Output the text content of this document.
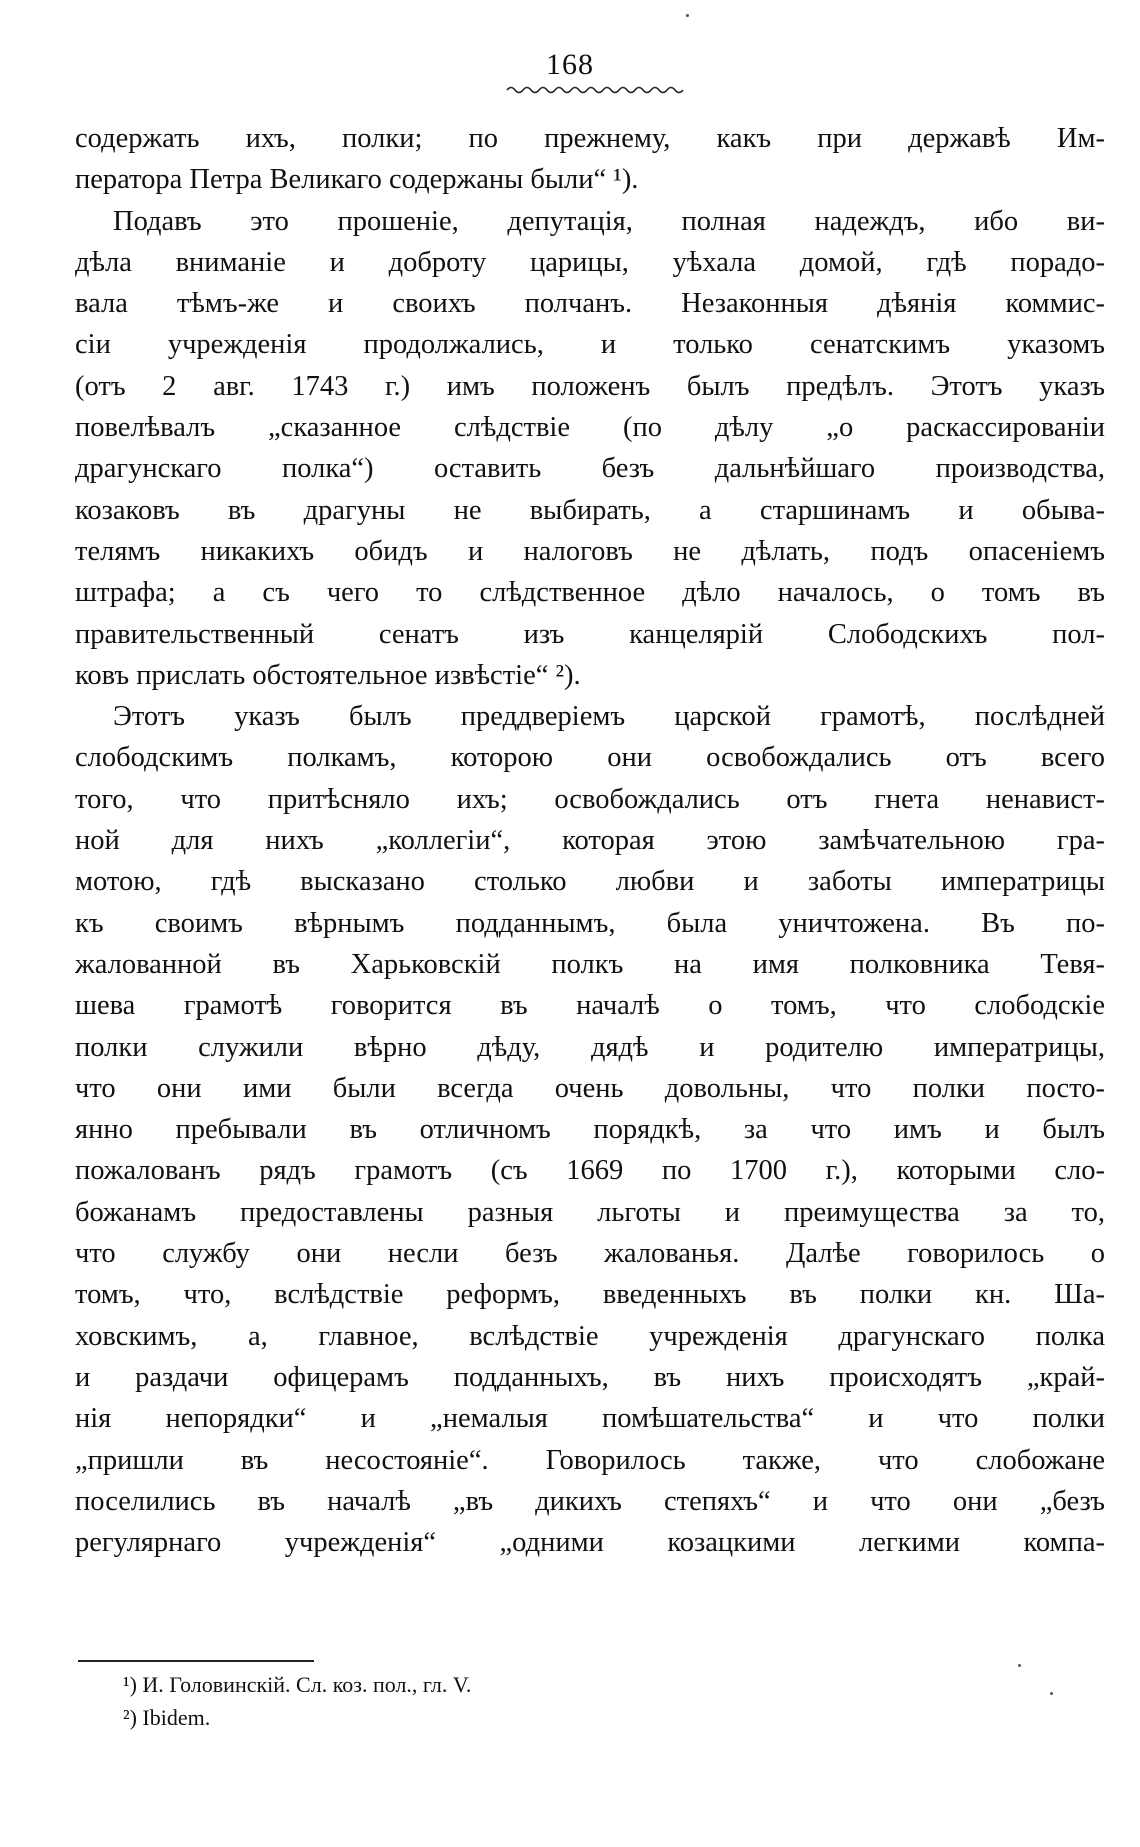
168
содержать ихъ, полки; по прежнему, какъ при державѣ Им-
ператора Петра Великаго содержаны были“ ¹).
Подавъ это прошеніе, депутація, полная надеждъ, ибо ви-
дѣла вниманіе и доброту царицы, уѣхала домой, гдѣ порадо-
вала тѣмъ-же и своихъ полчанъ. Незаконныя дѣянія коммис-
сіи учрежденія продолжались, и только сенатскимъ указомъ
(отъ 2 авг. 1743 г.) имъ положенъ былъ предѣлъ. Этотъ указъ
повелѣвалъ „сказанное слѣдствіе (по дѣлу „о раскассированіи
драгунскаго полка“) оставить безъ дальнѣйшаго производства,
козаковъ въ драгуны не выбирать, а старшинамъ и обыва-
телямъ никакихъ обидъ и налоговъ не дѣлать, подъ опасеніемъ
штрафа; а съ чего то слѣдственное дѣло началось, о томъ въ
правительственный сенатъ изъ канцелярій Слободскихъ пол-
ковъ прислать обстоятельное извѣстіе“ ²).
Этотъ указъ былъ преддверіемъ царской грамотѣ, послѣдней
слободскимъ полкамъ, которою они освобождались отъ всего
того, что притѣсняло ихъ; освобождались отъ гнета ненавист-
ной для нихъ „коллегіи“, которая этою замѣчательною гра-
мотою, гдѣ высказано столько любви и заботы императрицы
къ своимъ вѣрнымъ подданнымъ, была уничтожена. Въ по-
жалованной въ Харьковскій полкъ на имя полковника Тевя-
шева грамотѣ говорится въ началѣ о томъ, что слободскіе
полки служили вѣрно дѣду, дядѣ и родителю императрицы,
что они ими были всегда очень довольны, что полки посто-
янно пребывали въ отличномъ порядкѣ, за что имъ и былъ
пожалованъ рядъ грамотъ (съ 1669 по 1700 г.), которыми сло-
божанамъ предоставлены разныя льготы и преимущества за то,
что службу они несли безъ жалованья. Далѣе говорилось о
томъ, что, вслѣдствіе реформъ, введенныхъ въ полки кн. Ша-
ховскимъ, а, главное, вслѣдствіе учрежденія драгунскаго полка
и раздачи офицерамъ подданныхъ, въ нихъ происходятъ „край-
нія непорядки“ и „немалыя помѣшательства“ и что полки
„пришли въ несостояніе“. Говорилось также, что слобожане
поселились въ началѣ „въ дикихъ степяхъ“ и что они „безъ
регулярнаго учрежденія“ „одними козацкими легкими компа-
¹) И. Головинскій. Сл. коз. пол., гл. V.
²) Ibidem.
